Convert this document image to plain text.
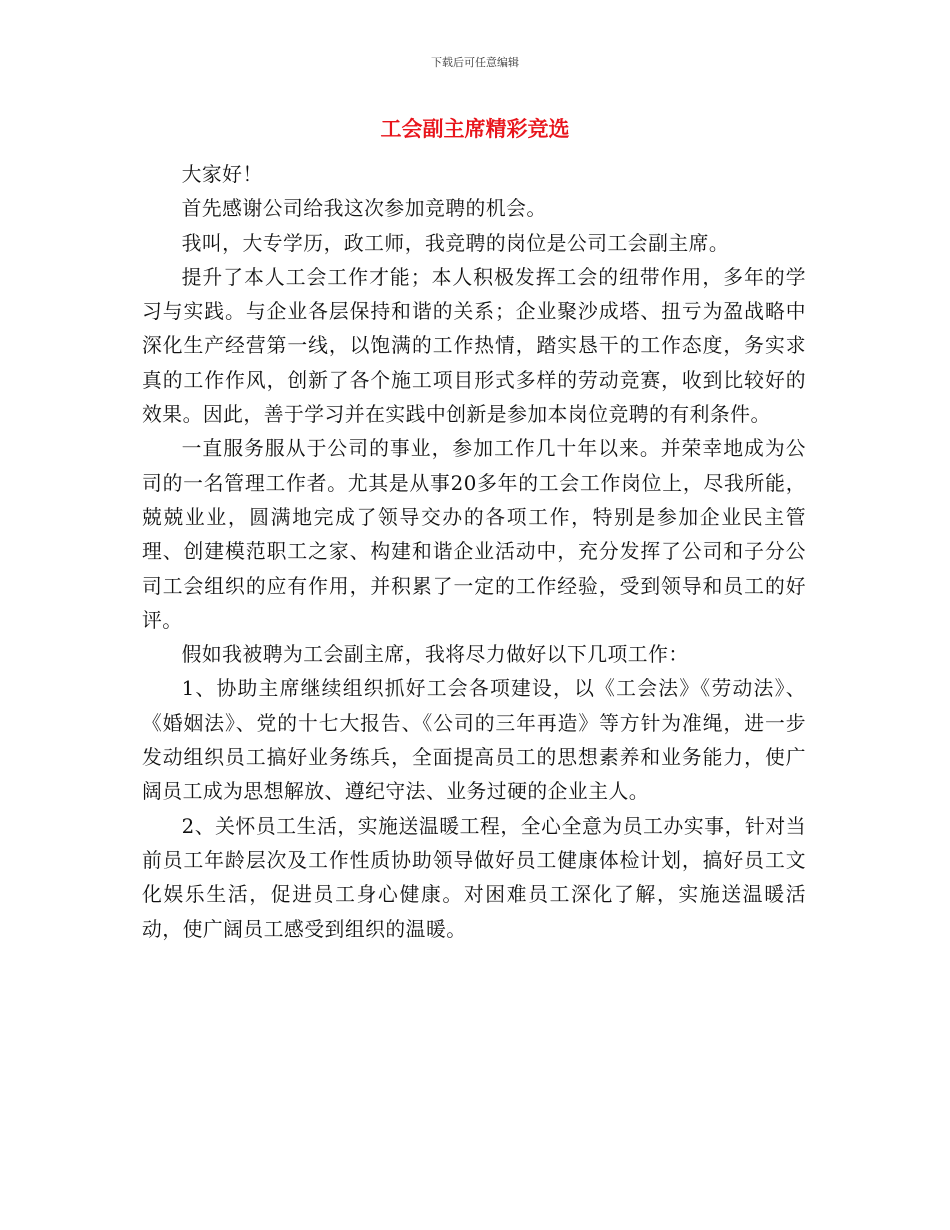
下载后可任意编辑
工会副主席精彩竞选

大家好！

首先感谢公司给我这次参加竞聘的机会。

我叫，大专学历，政工师，我竞聘的岗位是公司工会副主席。

提升了本人工会工作才能；本人积极发挥工会的纽带作用，多年的学习与实践。与企业各层保持和谐的关系；企业聚沙成塔、扭亏为盈战略中深化生产经营第一线，以饱满的工作热情，踏实恳干的工作态度，务实求真的工作作风，创新了各个施工项目形式多样的劳动竞赛，收到比较好的效果。因此，善于学习并在实践中创新是参加本岗位竞聘的有利条件。

一直服务服从于公司的事业，参加工作几十年以来。并荣幸地成为公司的一名管理工作者。尤其是从事20多年的工会工作岗位上，尽我所能，兢兢业业，圆满地完成了领导交办的各项工作，特别是参加企业民主管理、创建模范职工之家、构建和谐企业活动中，充分发挥了公司和子分公司工会组织的应有作用，并积累了一定的工作经验，受到领导和员工的好评。

假如我被聘为工会副主席，我将尽力做好以下几项工作：

1、协助主席继续组织抓好工会各项建设，以《工会法》《劳动法》、《婚姻法》、党的十七大报告、《公司的三年再造》等方针为准绳，进一步发动组织员工搞好业务练兵，全面提高员工的思想素养和业务能力，使广阔员工成为思想解放、遵纪守法、业务过硬的企业主人。

2、关怀员工生活，实施送温暖工程，全心全意为员工办实事，针对当前员工年龄层次及工作性质协助领导做好员工健康体检计划，搞好员工文化娱乐生活，促进员工身心健康。对困难员工深化了解，实施送温暖活动，使广阔员工感受到组织的温暖。
